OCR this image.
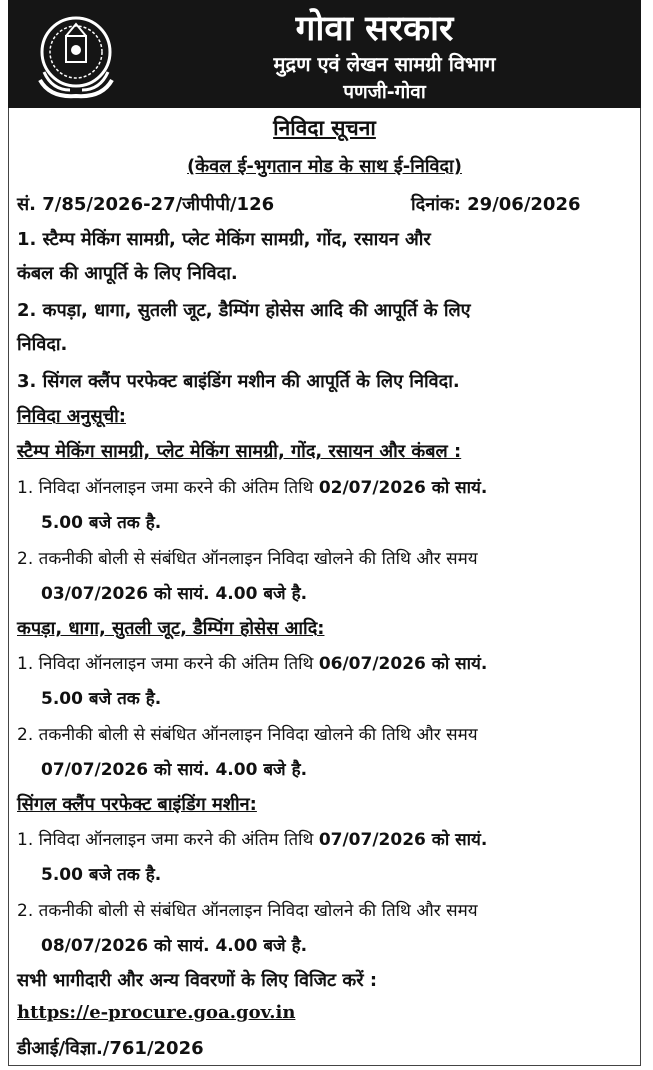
गोवा सरकार
मुद्रण एवं लेखन सामग्री विभाग
पणजी-गोवा
निविदा सूचना
(केवल ई-भुगतान मोड के साथ ई-निविदा)
सं. 7/85/2026-27/जीपीपी/126	दिनांक: 29/06/2026
1. स्टैम्प मेकिंग सामग्री, प्लेट मेकिंग सामग्री, गोंद, रसायन और
कंबल की आपूर्ति के लिए निविदा.
2. कपड़ा, धागा, सुतली जूट, डैम्पिंग होसेस आदि की आपूर्ति के लिए
निविदा.
3. सिंगल क्लैंप परफेक्ट बाइंडिंग मशीन की आपूर्ति के लिए निविदा.
निविदा अनुसूची:
स्टैम्प मेकिंग सामग्री, प्लेट मेकिंग सामग्री, गोंद, रसायन और कंबल :
1. निविदा ऑनलाइन जमा करने की अंतिम तिथि 02/07/2026 को सायं.
5.00 बजे तक है.
2. तकनीकी बोली से संबंधित ऑनलाइन निविदा खोलने की तिथि और समय
03/07/2026 को सायं. 4.00 बजे है.
कपड़ा, धागा, सुतली जूट, डैम्पिंग होसेस आदि:
1. निविदा ऑनलाइन जमा करने की अंतिम तिथि 06/07/2026 को सायं.
5.00 बजे तक है.
2. तकनीकी बोली से संबंधित ऑनलाइन निविदा खोलने की तिथि और समय
07/07/2026 को सायं. 4.00 बजे है.
सिंगल क्लैंप परफेक्ट बाइंडिंग मशीन:
1. निविदा ऑनलाइन जमा करने की अंतिम तिथि 07/07/2026 को सायं.
5.00 बजे तक है.
2. तकनीकी बोली से संबंधित ऑनलाइन निविदा खोलने की तिथि और समय
08/07/2026 को सायं. 4.00 बजे है.
सभी भागीदारी और अन्य विवरणों के लिए विजिट करें :
https://e-procure.goa.gov.in
डीआई/विज्ञा./761/2026
